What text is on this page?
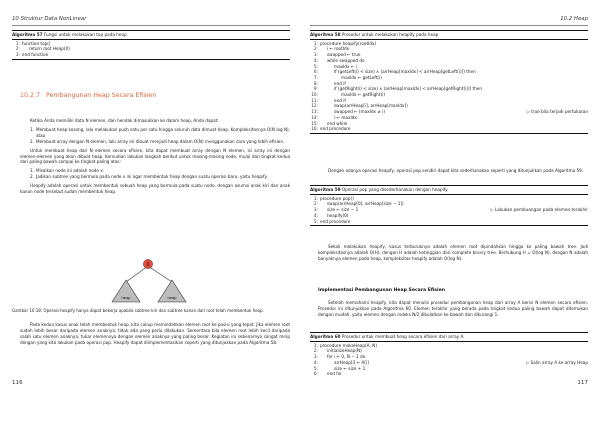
10 Struktur Data NonLinear
Algoritma 57 Fungsi untuk melakukan top pada heap
1: function top()
2:	return root Heap(0)
3: end function
10.2.7 Pembangunan Heap Secara Efisien

Ketika Anda memiliki data N elemen, dan hendak dimasukkan ke dalam heap, Anda dapat:

1. Membuat heap kosong, lalu melakukan push satu per satu hingga seluruh data dimuat heap. Kompleksitasnya O(N log N), atau
2. Membuat array dengan N elemen, lalu array ini dibuat menjadi heap dalam O(N) menggunakan cara yang lebih efisien.

Untuk membuat heap dari N elemen secara efisien, kita dapat membuat array dengan N elemen, isi array ini dengan elemen-elemen yang akan dibuat heap. Kemudian lakukan langkah berikut untuk masing-masing node, mulai dari tingkat kedua dari paling bawah sampai ke tingkat paling atas:

1. Misalkan node ini adalah node x.
2. Jadikan subtree yang bermula pada node x ini agar membentuk heap dengan suatu operasi baru, yaitu heapify.

Heapify adalah operasi untuk membentuk sebuah heap yang bermula pada suatu node, dengan asumsi anak kiri dan anak kanan node tersebut sudah membentuk heap.

X
heap	heap
Gambar 10.18: Operasi heapify hanya dapat bekerja apabila subtree kiri dan subtree kanan dari root telah membentuk heap.

Pada kedua kasus anak telah membentuk heap, kita cukup memindahkan elemen root ke posisi yang tepat. Jika elemen root sudah lebih besar daripada elemen anaknya, tidak ada yang perlu dilakukan. Sementara bila elemen root lebih kecil daripada salah satu elemen anaknya, tukar elemennya dengan elemen anaknya yang paling besar. Kegiatan ini sebenarnya sangat mirip dengan yang kita lakukan pada operasi pop. Heapify dapat diimplementasikan seperti yang ditunjukkan pada Algoritma 58.

116
10.2 Heap
Algoritma 58 Prosedur untuk melakukan heapify pada heap
1: procedure heapify(rootIdx)
2:	i ← rootIdx
3:	swapped ← true
4:	while swapped do
5:	maxIdx ← i
6:	if (getLeft(i) < size) ∧ (arrHeap[maxIdx] < arrHeap[getLeft(i)]) then
7:	maxIdx ← getLeft(i)
8:	end if
9:	if (getRight(i) < size) ∧ (arrHeap[maxIdx] < arrHeap[getRight(i)]) then
10:	maxIdx ← getRight(i)
11:	end if
12:	swap(arrHeap[i], arrHeap[maxIdx])
13:	swapped ← (maxIdx ≠ i)	▷ true bila terjadi pertukaran
14:	i ← maxIdx
15:	end while
16: end procedure

Dengan adanya operasi heapify, operasi pop sendiri dapat kita sederhanakan seperti yang ditunjukkan pada Algoritma 59.

Algoritma 59 Operasi pop yang disederhanakan dengan heapify.
1: procedure pop()
2:	swap(arrHeap[0], arrHeap[size − 1])
3:	size ← size − 1	▷ Lakukan pembuangan pada elemen terakhir
4:	heapify(0)
5: end procedure

Sekali melakukan heapify, kasus terburuknya adalah elemen root dipindahkan hingga ke paling bawah tree. Jadi kompleksitasnya adalah O(H), dengan H adalah ketinggian dari complete binary tree. Berhubung H = O(log N), dengan N adalah banyaknya elemen pada heap, kompleksitas heapify adalah O(log N).

Implementasi Pembangunan Heap Secara Efisien

Setelah memahami heapify, kita dapat menulis prosedur pembangunan heap dari array A berisi N elemen secara efisien. Prosedur ini ditunjukkan pada Algoritma 60. Elemen terakhir yang berada pada tingkat kedua paling bawah dapat ditemukan dengan mudah, yaitu elemen dengan indeks N/2 dibulatkan ke bawah dan dikurangi 1.

Algoritma 60 Prosedur untuk membuat heap secara efisien dari array A.
1: procedure makeHeap(A, N)
2:	initializeHeap(N)
3:	for i ← 0, N − 1 do
4:	arrHeap[i] ← A[i]	▷ Salin array A ke array Heap
5:	size ← size + 1
6:	end for
117
